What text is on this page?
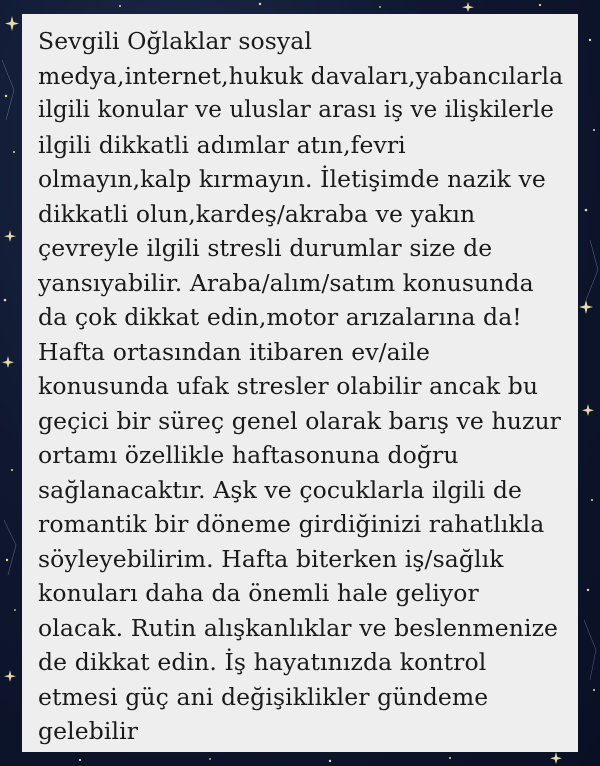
Sevgili Oğlaklar sosyal
medya,internet,hukuk davaları,yabancılarla
ilgili konular ve uluslar arası iş ve ilişkilerle
ilgili dikkatli adımlar atın,fevri
olmayın,kalp kırmayın. İletişimde nazik ve
dikkatli olun,kardeş/akraba ve yakın
çevreyle ilgili stresli durumlar size de
yansıyabilir. Araba/alım/satım konusunda
da çok dikkat edin,motor arızalarına da!
Hafta ortasından itibaren ev/aile
konusunda ufak stresler olabilir ancak bu
geçici bir süreç genel olarak barış ve huzur
ortamı özellikle haftasonuna doğru
sağlanacaktır. Aşk ve çocuklarla ilgili de
romantik bir döneme girdiğinizi rahatlıkla
söyleyebilirim. Hafta biterken iş/sağlık
konuları daha da önemli hale geliyor
olacak. Rutin alışkanlıklar ve beslenmenize
de dikkat edin. İş hayatınızda kontrol
etmesi güç ani değişiklikler gündeme
gelebilir
